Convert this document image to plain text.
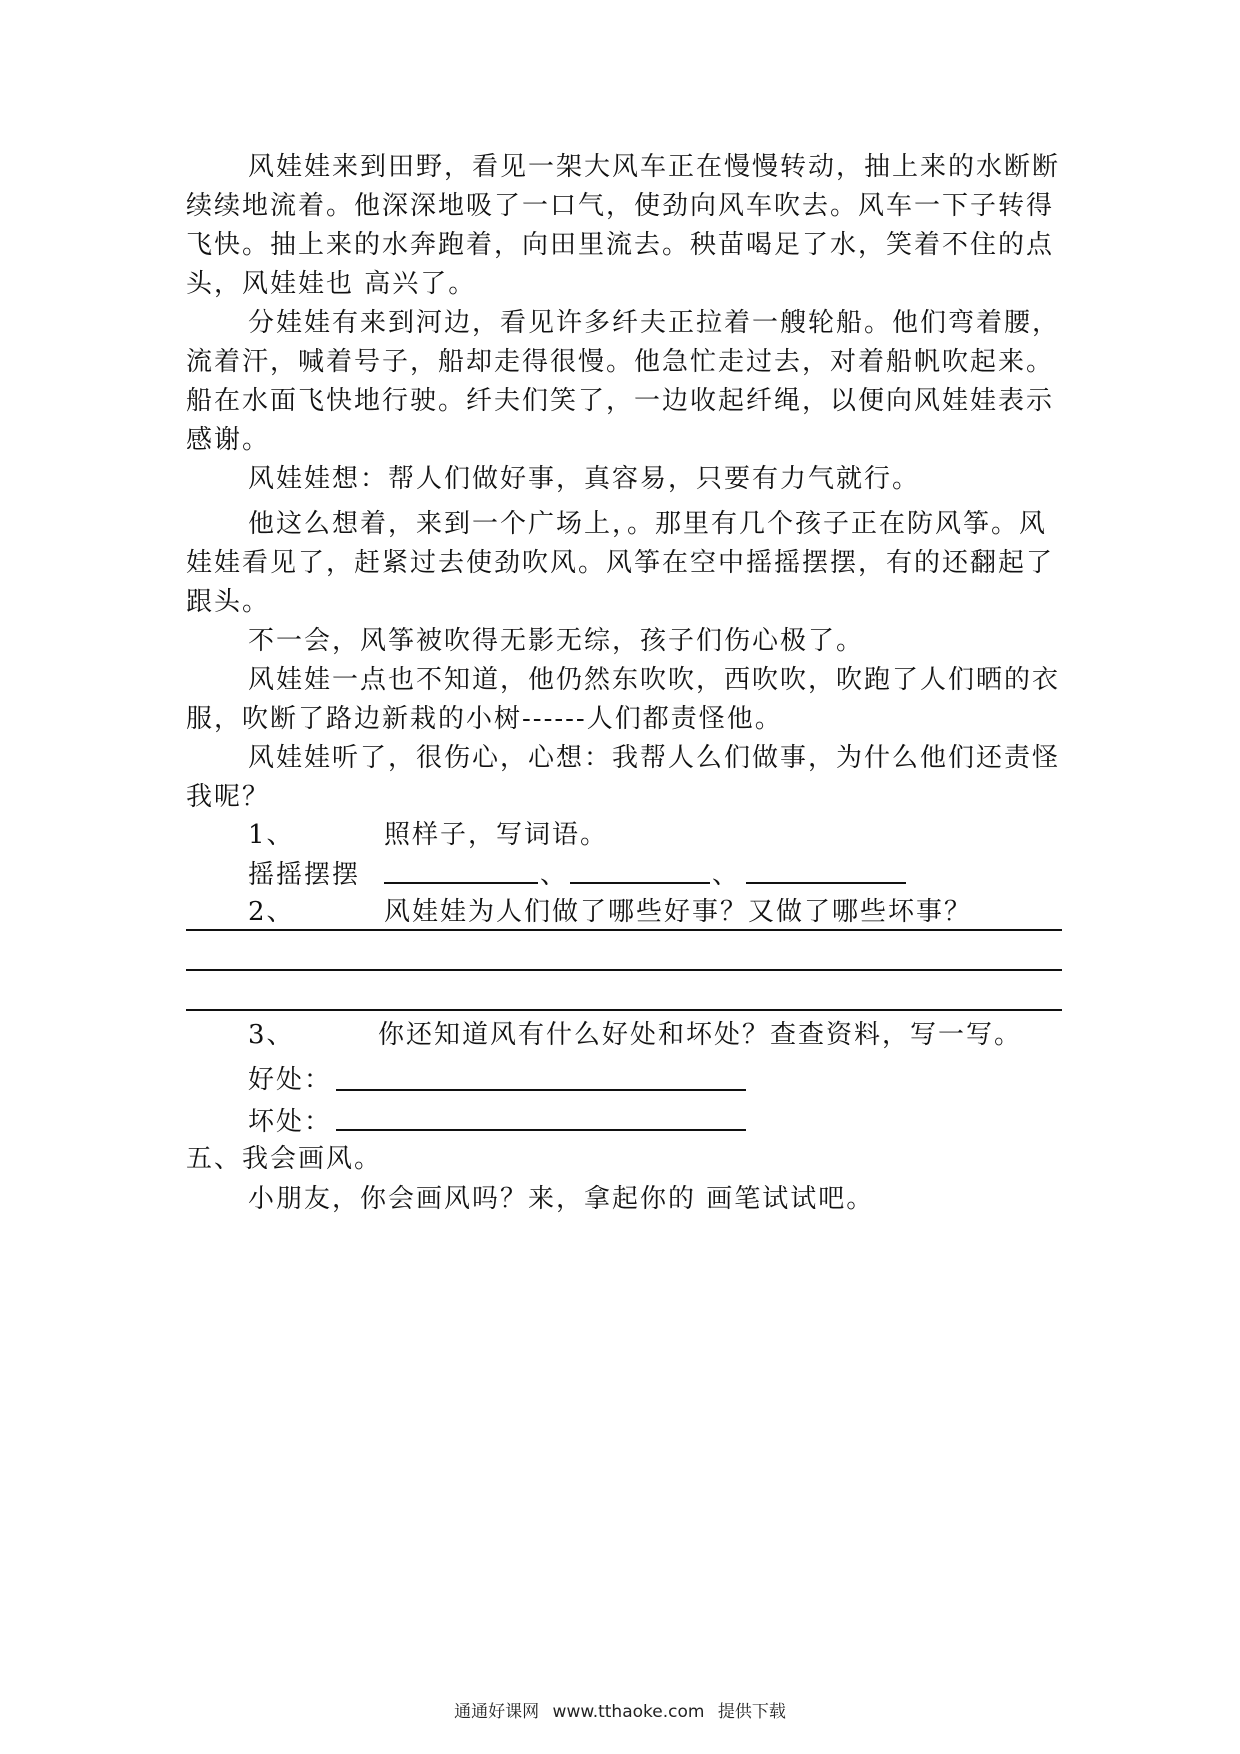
风娃娃来到田野，看见一架大风车正在慢慢转动，抽上来的水断断续续地流着。他深深地吸了一口气，使劲向风车吹去。风车一下子转得飞快。抽上来的水奔跑着，向田里流去。秧苗喝足了水，笑着不住的点头，风娃娃也 高兴了。

分娃娃有来到河边，看见许多纤夫正拉着一艘轮船。他们弯着腰，流着汗，喊着号子，船却走得很慢。他急忙走过去，对着船帆吹起来。船在水面飞快地行驶。纤夫们笑了，一边收起纤绳，以便向风娃娃表示感谢。

风娃娃想：帮人们做好事，真容易，只要有力气就行。

他这么想着，来到一个广场上，。那里有几个孩子正在防风筝。风娃娃看见了，赶紧过去使劲吹风。风筝在空中摇摇摆摆，有的还翻起了跟头。

不一会，风筝被吹得无影无综，孩子们伤心极了。

风娃娃一点也不知道，他仍然东吹吹，西吹吹，吹跑了人们晒的衣服，吹断了路边新栽的小树------人们都责怪他。

风娃娃听了，很伤心，心想：我帮人么们做事，为什么他们还责怪我呢？

1、	照样子，写词语。
摇摇摆摆	、	、
2、	风娃娃为人们做了哪些好事？又做了哪些坏事？
3、	你还知道风有什么好处和坏处？查查资料，写一写。
好处：
坏处：
五、我会画风。
小朋友，你会画风吗？来，拿起你的 画笔试试吧。
通通好课网 www.tthaoke.com 提供下载
